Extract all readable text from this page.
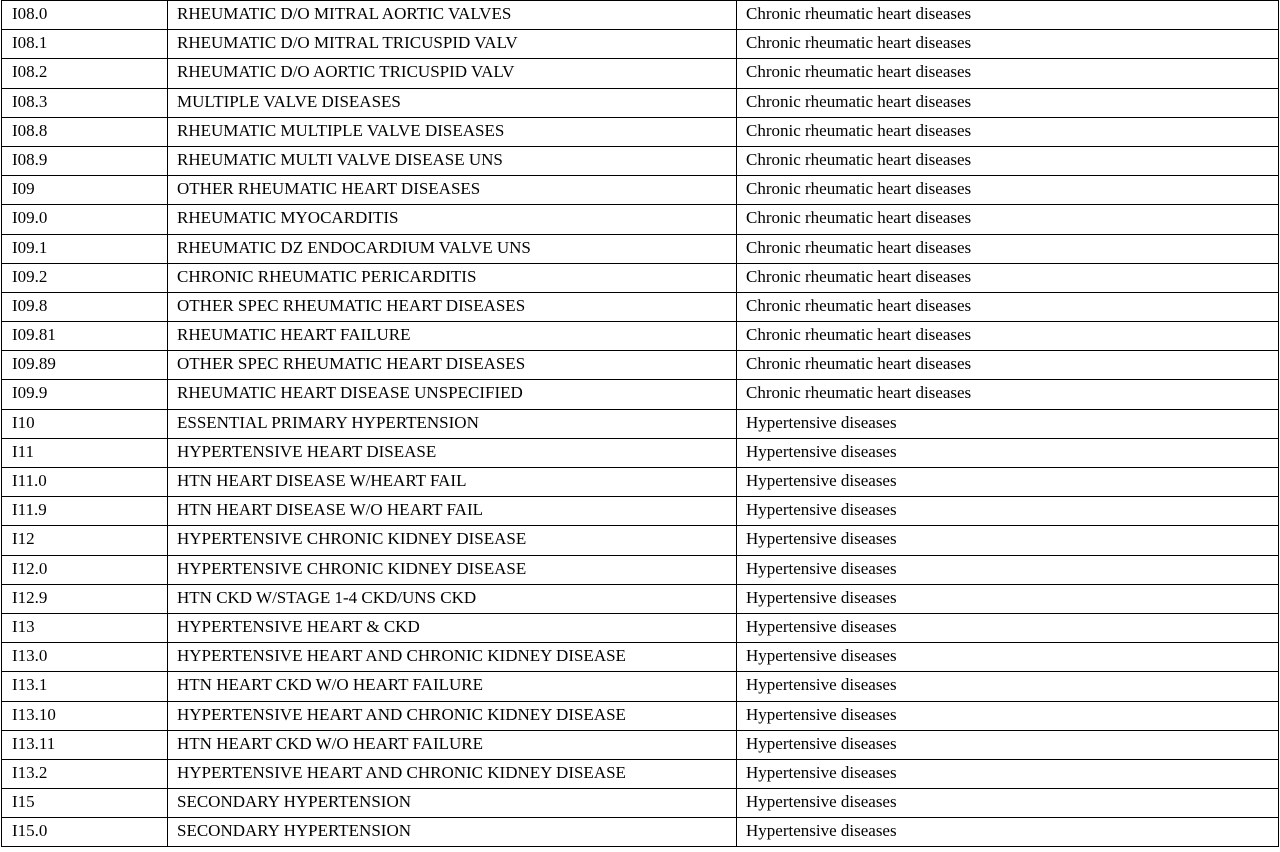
I08.0	RHEUMATIC D/O MITRAL AORTIC VALVES	Chronic rheumatic heart diseases
I08.1	RHEUMATIC D/O MITRAL TRICUSPID VALV	Chronic rheumatic heart diseases
I08.2	RHEUMATIC D/O AORTIC TRICUSPID VALV	Chronic rheumatic heart diseases
I08.3	MULTIPLE VALVE DISEASES	Chronic rheumatic heart diseases
I08.8	RHEUMATIC MULTIPLE VALVE DISEASES	Chronic rheumatic heart diseases
I08.9	RHEUMATIC MULTI VALVE DISEASE UNS	Chronic rheumatic heart diseases
I09	OTHER RHEUMATIC HEART DISEASES	Chronic rheumatic heart diseases
I09.0	RHEUMATIC MYOCARDITIS	Chronic rheumatic heart diseases
I09.1	RHEUMATIC DZ ENDOCARDIUM VALVE UNS	Chronic rheumatic heart diseases
I09.2	CHRONIC RHEUMATIC PERICARDITIS	Chronic rheumatic heart diseases
I09.8	OTHER SPEC RHEUMATIC HEART DISEASES	Chronic rheumatic heart diseases
I09.81	RHEUMATIC HEART FAILURE	Chronic rheumatic heart diseases
I09.89	OTHER SPEC RHEUMATIC HEART DISEASES	Chronic rheumatic heart diseases
I09.9	RHEUMATIC HEART DISEASE UNSPECIFIED	Chronic rheumatic heart diseases
I10	ESSENTIAL PRIMARY HYPERTENSION	Hypertensive diseases
I11	HYPERTENSIVE HEART DISEASE	Hypertensive diseases
I11.0	HTN HEART DISEASE W/HEART FAIL	Hypertensive diseases
I11.9	HTN HEART DISEASE W/O HEART FAIL	Hypertensive diseases
I12	HYPERTENSIVE CHRONIC KIDNEY DISEASE	Hypertensive diseases
I12.0	HYPERTENSIVE CHRONIC KIDNEY DISEASE	Hypertensive diseases
I12.9	HTN CKD W/STAGE 1-4 CKD/UNS CKD	Hypertensive diseases
I13	HYPERTENSIVE HEART & CKD	Hypertensive diseases
I13.0	HYPERTENSIVE HEART AND CHRONIC KIDNEY DISEASE	Hypertensive diseases
I13.1	HTN HEART CKD W/O HEART FAILURE	Hypertensive diseases
I13.10	HYPERTENSIVE HEART AND CHRONIC KIDNEY DISEASE	Hypertensive diseases
I13.11	HTN HEART CKD W/O HEART FAILURE	Hypertensive diseases
I13.2	HYPERTENSIVE HEART AND CHRONIC KIDNEY DISEASE	Hypertensive diseases
I15	SECONDARY HYPERTENSION	Hypertensive diseases
I15.0	SECONDARY HYPERTENSION	Hypertensive diseases
